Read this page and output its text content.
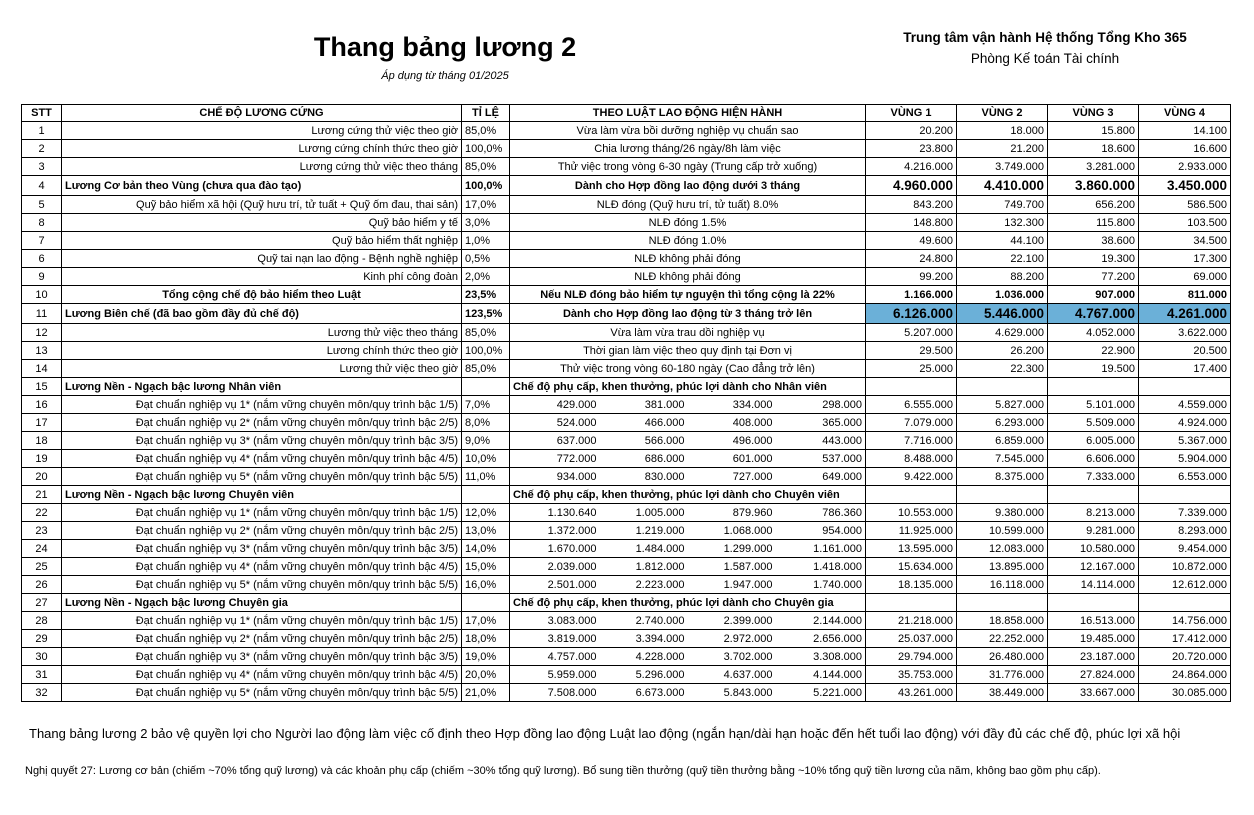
Thang bảng lương 2
Áp dụng từ tháng 01/2025
Trung tâm vận hành Hệ thống Tổng Kho 365
Phòng Kế toán Tài chính
STT	CHẾ ĐỘ LƯƠNG CỨNG	TỈ LỆ	THEO LUẬT LAO ĐỘNG HIỆN HÀNH				VÙNG 1	VÙNG 2	VÙNG 3	VÙNG 4
1	Lương cứng thử việc theo giờ	85,0%	Vừa làm vừa bồi dưỡng nghiệp vụ chuẩn sao				20.200	18.000	15.800	14.100
2	Lương cứng chính thức theo giờ	100,0%	Chia lương tháng/26 ngày/8h làm việc				23.800	21.200	18.600	16.600
3	Lương cứng thử việc theo tháng	85,0%	Thử việc trong vòng 6-30 ngày (Trung cấp trở xuống)				4.216.000	3.749.000	3.281.000	2.933.000
4	Lương Cơ bản theo Vùng (chưa qua đào tạo)	100,0%	Dành cho Hợp đồng lao động dưới 3 tháng				4.960.000	4.410.000	3.860.000	3.450.000
5	Quỹ bảo hiểm xã hội (Quỹ hưu trí, tử tuất + Quỹ ốm đau, thai sản)	17,0%	NLĐ đóng (Quỹ hưu trí, tử tuất) 8.0%				843.200	749.700	656.200	586.500
8	Quỹ bảo hiểm y tế	3,0%	NLĐ đóng 1.5%				148.800	132.300	115.800	103.500
7	Quỹ bảo hiểm thất nghiệp	1,0%	NLĐ đóng 1.0%				49.600	44.100	38.600	34.500
6	Quỹ tai nạn lao động - Bệnh nghề nghiệp	0,5%	NLĐ không phải đóng				24.800	22.100	19.300	17.300
9	Kinh phí công đoàn	2,0%	NLĐ không phải đóng				99.200	88.200	77.200	69.000
10	Tổng cộng chế độ bảo hiểm theo Luật	23,5%	Nếu NLĐ đóng bảo hiểm tự nguyện thì tổng cộng là 22%				1.166.000	1.036.000	907.000	811.000
11	Lương Biên chế (đã bao gồm đầy đủ chế độ)	123,5%	Dành cho Hợp đồng lao động từ 3 tháng trở lên				6.126.000	5.446.000	4.767.000	4.261.000
12	Lương thử việc theo tháng	85,0%	Vừa làm vừa trau dồi nghiệp vụ				5.207.000	4.629.000	4.052.000	3.622.000
13	Lương chính thức theo giờ	100,0%	Thời gian làm việc theo quy định tại Đơn vị				29.500	26.200	22.900	20.500
14	Lương thử việc theo giờ	85,0%	Thử việc trong vòng 60-180 ngày (Cao đẳng trở lên)				25.000	22.300	19.500	17.400
15	Lương Nền - Ngạch bậc lương Nhân viên		Chế độ phụ cấp, khen thưởng, phúc lợi dành cho Nhân viên							
16	Đạt chuẩn nghiệp vụ 1* (nắm vững chuyên môn/quy trình bậc 1/5)	7,0%	429.000	381.000	334.000	298.000	6.555.000	5.827.000	5.101.000	4.559.000
17	Đạt chuẩn nghiệp vụ 2* (nắm vững chuyên môn/quy trình bậc 2/5)	8,0%	524.000	466.000	408.000	365.000	7.079.000	6.293.000	5.509.000	4.924.000
18	Đạt chuẩn nghiệp vụ 3* (nắm vững chuyên môn/quy trình bậc 3/5)	9,0%	637.000	566.000	496.000	443.000	7.716.000	6.859.000	6.005.000	5.367.000
19	Đạt chuẩn nghiệp vụ 4* (nắm vững chuyên môn/quy trình bậc 4/5)	10,0%	772.000	686.000	601.000	537.000	8.488.000	7.545.000	6.606.000	5.904.000
20	Đạt chuẩn nghiệp vụ 5* (nắm vững chuyên môn/quy trình bậc 5/5)	11,0%	934.000	830.000	727.000	649.000	9.422.000	8.375.000	7.333.000	6.553.000
21	Lương Nền - Ngạch bậc lương Chuyên viên		Chế độ phụ cấp, khen thưởng, phúc lợi dành cho Chuyên viên							
22	Đạt chuẩn nghiệp vụ 1* (nắm vững chuyên môn/quy trình bậc 1/5)	12,0%	1.130.640	1.005.000	879.960	786.360	10.553.000	9.380.000	8.213.000	7.339.000
23	Đạt chuẩn nghiệp vụ 2* (nắm vững chuyên môn/quy trình bậc 2/5)	13,0%	1.372.000	1.219.000	1.068.000	954.000	11.925.000	10.599.000	9.281.000	8.293.000
24	Đạt chuẩn nghiệp vụ 3* (nắm vững chuyên môn/quy trình bậc 3/5)	14,0%	1.670.000	1.484.000	1.299.000	1.161.000	13.595.000	12.083.000	10.580.000	9.454.000
25	Đạt chuẩn nghiệp vụ 4* (nắm vững chuyên môn/quy trình bậc 4/5)	15,0%	2.039.000	1.812.000	1.587.000	1.418.000	15.634.000	13.895.000	12.167.000	10.872.000
26	Đạt chuẩn nghiệp vụ 5* (nắm vững chuyên môn/quy trình bậc 5/5)	16,0%	2.501.000	2.223.000	1.947.000	1.740.000	18.135.000	16.118.000	14.114.000	12.612.000
27	Lương Nền - Ngạch bậc lương Chuyên gia		Chế độ phụ cấp, khen thưởng, phúc lợi dành cho Chuyên gia							
28	Đạt chuẩn nghiệp vụ 1* (nắm vững chuyên môn/quy trình bậc 1/5)	17,0%	3.083.000	2.740.000	2.399.000	2.144.000	21.218.000	18.858.000	16.513.000	14.756.000
29	Đạt chuẩn nghiệp vụ 2* (nắm vững chuyên môn/quy trình bậc 2/5)	18,0%	3.819.000	3.394.000	2.972.000	2.656.000	25.037.000	22.252.000	19.485.000	17.412.000
30	Đạt chuẩn nghiệp vụ 3* (nắm vững chuyên môn/quy trình bậc 3/5)	19,0%	4.757.000	4.228.000	3.702.000	3.308.000	29.794.000	26.480.000	23.187.000	20.720.000
31	Đạt chuẩn nghiệp vụ 4* (nắm vững chuyên môn/quy trình bậc 4/5)	20,0%	5.959.000	5.296.000	4.637.000	4.144.000	35.753.000	31.776.000	27.824.000	24.864.000
32	Đạt chuẩn nghiệp vụ 5* (nắm vững chuyên môn/quy trình bậc 5/5)	21,0%	7.508.000	6.673.000	5.843.000	5.221.000	43.261.000	38.449.000	33.667.000	30.085.000
Thang bảng lương 2 bảo vệ quyền lợi cho Người lao động làm việc cố định theo Hợp đồng lao động Luật lao động (ngắn hạn/dài hạn hoặc đến hết tuổi lao động) với đầy đủ các chế độ, phúc lợi xã hội
Nghị quyết 27: Lương cơ bản (chiếm ~70% tổng quỹ lương) và các khoản phụ cấp (chiếm ~30% tổng quỹ lương). Bổ sung tiền thưởng (quỹ tiền thưởng bằng ~10% tổng quỹ tiền lương của năm, không bao gồm phụ cấp).
